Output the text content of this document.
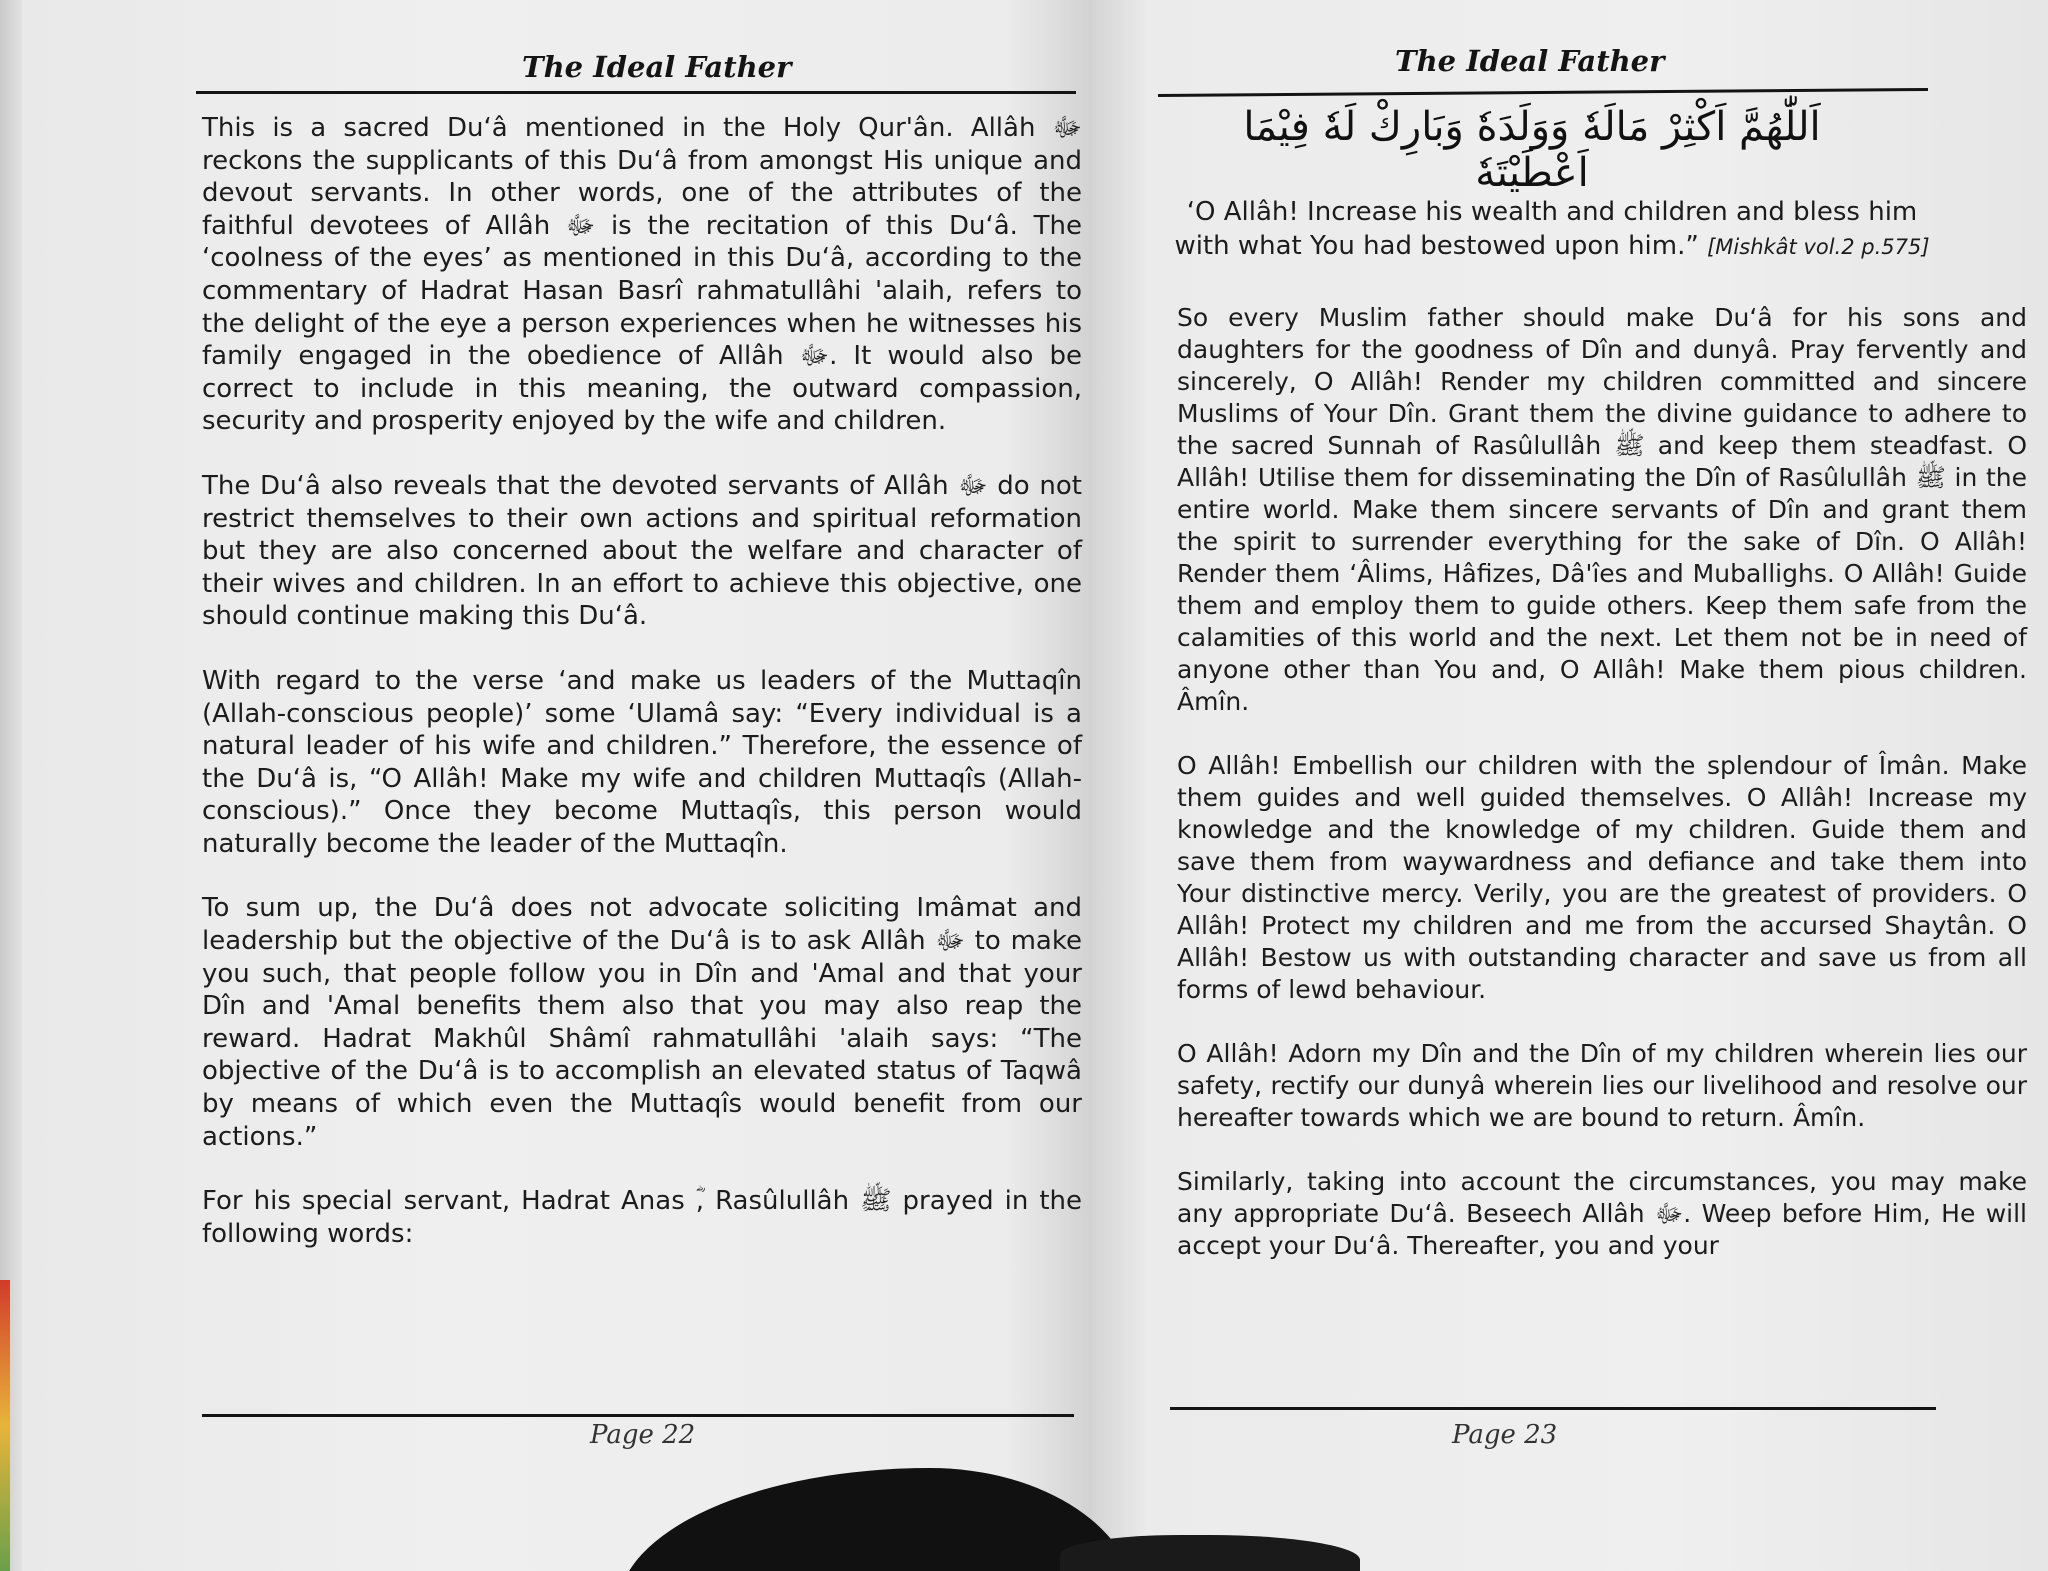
The Ideal Father

This is a sacred Du‘â mentioned in the Holy Qur'ân. Allâh ﷻ reckons the supplicants of this Du‘â from amongst His unique and devout servants. In other words, one of the attributes of the faithful devotees of Allâh ﷻ is the recitation of this Du‘â. The ‘coolness of the eyes’ as mentioned in this Du‘â, according to the commentary of Hadrat Hasan Basrî rahmatullâhi 'alaih, refers to the delight of the eye a person experiences when he witnesses his family engaged in the obedience of Allâh ﷻ. It would also be correct to include in this meaning, the outward compassion, security and prosperity enjoyed by the wife and children.

The Du‘â also reveals that the devoted servants of Allâh ﷻ do not restrict themselves to their own actions and spiritual reformation but they are also concerned about the welfare and character of their wives and children. In an effort to achieve this objective, one should continue making this Du‘â.

With regard to the verse ‘and make us leaders of the Muttaqîn (Allah-conscious people)’ some ‘Ulamâ say: “Every individual is a natural leader of his wife and children.” Therefore, the essence of the Du‘â is, “O Allâh! Make my wife and children Muttaqîs (Allah-conscious).” Once they become Muttaqîs, this person would naturally become the leader of the Muttaqîn.

To sum up, the Du‘â does not advocate soliciting Imâmat and leadership but the objective of the Du‘â is to ask Allâh ﷻ to make you such, that people follow you in Dîn and 'Amal and that your Dîn and 'Amal benefits them also that you may also reap the reward. Hadrat Makhûl Shâmî rahmatullâhi 'alaih says: “The objective of the Du‘â is to accomplish an elevated status of Taqwâ by means of which even the Muttaqîs would benefit from our actions.”

For his special servant, Hadrat Anas ؓ, Rasûlullâh ﷺ prayed in the following words:

Page 22
The Ideal Father
اَللّٰهُمَّ اَكْثِرْ مَالَهٗ وَوَلَدَهٗ وَبَارِكْ لَهٗ فِيْمَا اَعْطَيْتَهٗ
‘O Allâh! Increase his wealth and children and bless him with what You had bestowed upon him.” [Mishkât vol.2 p.575]

So every Muslim father should make Du‘â for his sons and daughters for the goodness of Dîn and dunyâ. Pray fervently and sincerely, O Allâh! Render my children committed and sincere Muslims of Your Dîn. Grant them the divine guidance to adhere to the sacred Sunnah of Rasûlullâh ﷺ and keep them steadfast. O Allâh! Utilise them for disseminating the Dîn of Rasûlullâh ﷺ in the entire world. Make them sincere servants of Dîn and grant them the spirit to surrender everything for the sake of Dîn. O Allâh! Render them ‘Âlims, Hâfizes, Dâ'îes and Muballighs. O Allâh! Guide them and employ them to guide others. Keep them safe from the calamities of this world and the next. Let them not be in need of anyone other than You and, O Allâh! Make them pious children. Âmîn.

O Allâh! Embellish our children with the splendour of Îmân. Make them guides and well guided themselves. O Allâh! Increase my knowledge and the knowledge of my children. Guide them and save them from waywardness and defiance and take them into Your distinctive mercy. Verily, you are the greatest of providers. O Allâh! Protect my children and me from the accursed Shaytân. O Allâh! Bestow us with outstanding character and save us from all forms of lewd behaviour.

O Allâh! Adorn my Dîn and the Dîn of my children wherein lies our safety, rectify our dunyâ wherein lies our livelihood and resolve our hereafter towards which we are bound to return. Âmîn.

Similarly, taking into account the circumstances, you may make any appropriate Du‘â. Beseech Allâh ﷻ. Weep before Him, He will accept your Du‘â. Thereafter, you and your

Page 23
